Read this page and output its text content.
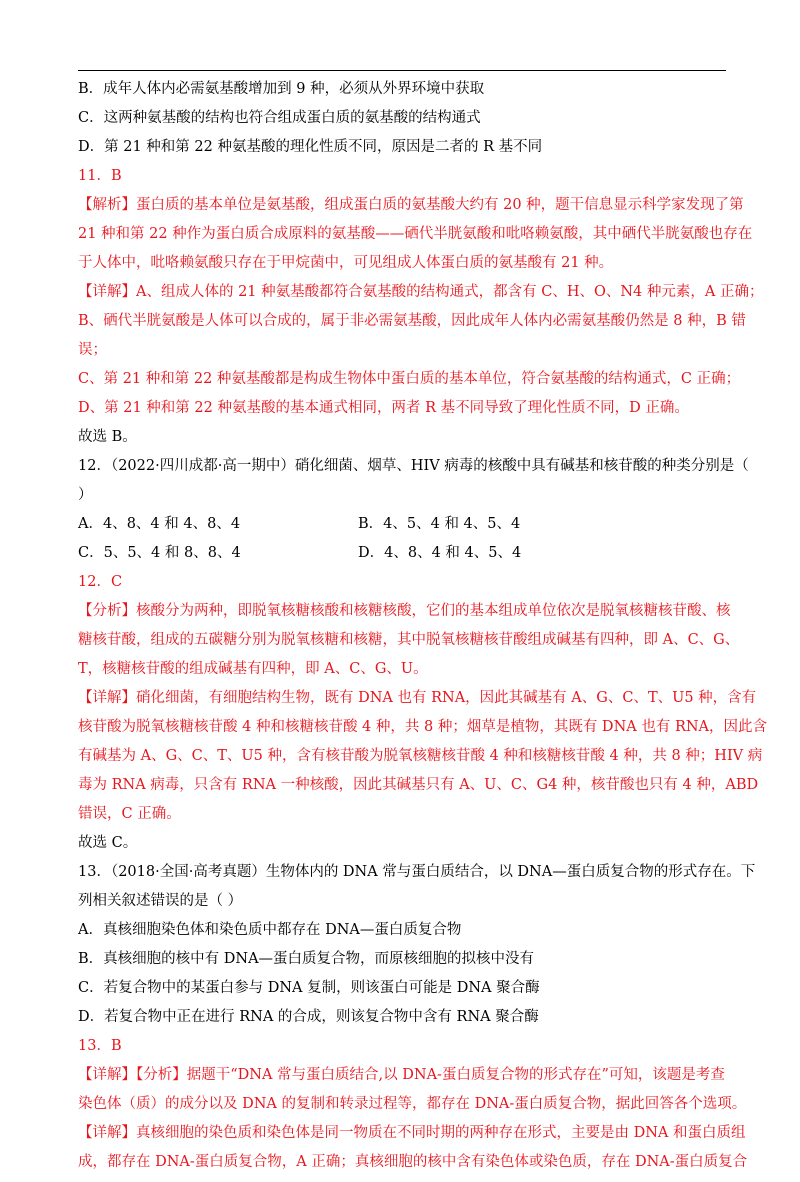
B．成年人体内必需氨基酸增加到 9 种，必须从外界环境中获取
C．这两种氨基酸的结构也符合组成蛋白质的氨基酸的结构通式
D．第 21 种和第 22 种氨基酸的理化性质不同，原因是二者的 R 基不同
11．B
【解析】蛋白质的基本单位是氨基酸，组成蛋白质的氨基酸大约有 20 种，题干信息显示科学家发现了第
21 种和第 22 种作为蛋白质合成原料的氨基酸——硒代半胱氨酸和吡咯赖氨酸，其中硒代半胱氨酸也存在
于人体中，吡咯赖氨酸只存在于甲烷菌中，可见组成人体蛋白质的氨基酸有 21 种。
【详解】A、组成人体的 21 种氨基酸都符合氨基酸的结构通式，都含有 C、H、O、N4 种元素，A 正确；
B、硒代半胱氨酸是人体可以合成的，属于非必需氨基酸，因此成年人体内必需氨基酸仍然是 8 种，B 错
误；
C、第 21 种和第 22 种氨基酸都是构成生物体中蛋白质的基本单位，符合氨基酸的结构通式，C 正确；
D、第 21 种和第 22 种氨基酸的基本通式相同，两者 R 基不同导致了理化性质不同，D 正确。
故选 B。
12．（2022·四川成都·高一期中）硝化细菌、烟草、HIV 病毒的核酸中具有碱基和核苷酸的种类分别是（
）
A．4、8、4 和 4、8、4	B．4、5、4 和 4、5、4
C．5、5、4 和 8、8、4	D．4、8、4 和 4、5、4
12．C
【分析】核酸分为两种，即脱氧核糖核酸和核糖核酸，它们的基本组成单位依次是脱氧核糖核苷酸、核
糖核苷酸，组成的五碳糖分别为脱氧核糖和核糖，其中脱氧核糖核苷酸组成碱基有四种，即 A、C、G、
T，核糖核苷酸的组成碱基有四种，即 A、C、G、U。
【详解】硝化细菌，有细胞结构生物，既有 DNA 也有 RNA，因此其碱基有 A、G、C、T、U5 种，含有
核苷酸为脱氧核糖核苷酸 4 种和核糖核苷酸 4 种，共 8 种；烟草是植物，其既有 DNA 也有 RNA，因此含
有碱基为 A、G、C、T、U5 种，含有核苷酸为脱氧核糖核苷酸 4 种和核糖核苷酸 4 种，共 8 种；HIV 病
毒为 RNA 病毒，只含有 RNA 一种核酸，因此其碱基只有 A、U、C、G4 种，核苷酸也只有 4 种，ABD
错误，C 正确。
故选 C。
13．（2018·全国·高考真题）生物体内的 DNA 常与蛋白质结合，以 DNA—蛋白质复合物的形式存在。下
列相关叙述错误的是（ ）
A．真核细胞染色体和染色质中都存在 DNA—蛋白质复合物
B．真核细胞的核中有 DNA—蛋白质复合物，而原核细胞的拟核中没有
C．若复合物中的某蛋白参与 DNA 复制，则该蛋白可能是 DNA 聚合酶
D．若复合物中正在进行 RNA 的合成，则该复合物中含有 RNA 聚合酶
13．B
【详解】【分析】据题干“DNA 常与蛋白质结合,以 DNA-蛋白质复合物的形式存在”可知，该题是考查
染色体（质）的成分以及 DNA 的复制和转录过程等，都存在 DNA-蛋白质复合物，据此回答各个选项。
【详解】真核细胞的染色质和染色体是同一物质在不同时期的两种存在形式，主要是由 DNA 和蛋白质组
成，都存在 DNA-蛋白质复合物，A 正确；真核细胞的核中含有染色体或染色质，存在 DNA-蛋白质复合
